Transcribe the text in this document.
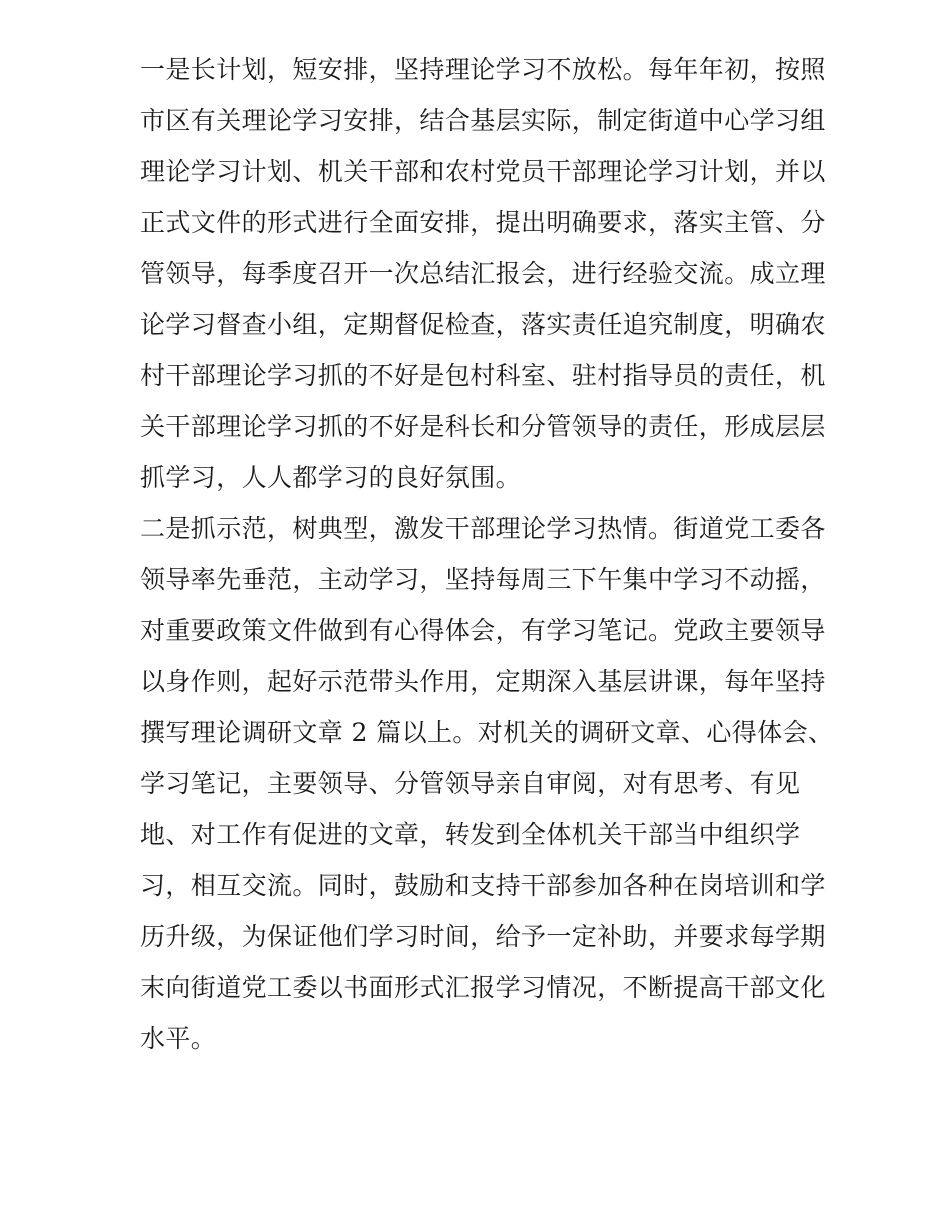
一是长计划，短安排，坚持理论学习不放松。每年年初，按照
市区有关理论学习安排，结合基层实际，制定街道中心学习组
理论学习计划、机关干部和农村党员干部理论学习计划，并以
正式文件的形式进行全面安排，提出明确要求，落实主管、分
管领导，每季度召开一次总结汇报会，进行经验交流。成立理
论学习督查小组，定期督促检查，落实责任追究制度，明确农
村干部理论学习抓的不好是包村科室、驻村指导员的责任，机
关干部理论学习抓的不好是科长和分管领导的责任，形成层层
抓学习，人人都学习的良好氛围。
二是抓示范，树典型，激发干部理论学习热情。街道党工委各
领导率先垂范，主动学习，坚持每周三下午集中学习不动摇，
对重要政策文件做到有心得体会，有学习笔记。党政主要领导
以身作则，起好示范带头作用，定期深入基层讲课，每年坚持
撰写理论调研文章 2 篇以上。对机关的调研文章、心得体会、
学习笔记，主要领导、分管领导亲自审阅，对有思考、有见
地、对工作有促进的文章，转发到全体机关干部当中组织学
习，相互交流。同时，鼓励和支持干部参加各种在岗培训和学
历升级，为保证他们学习时间，给予一定补助，并要求每学期
末向街道党工委以书面形式汇报学习情况，不断提高干部文化
水平。
